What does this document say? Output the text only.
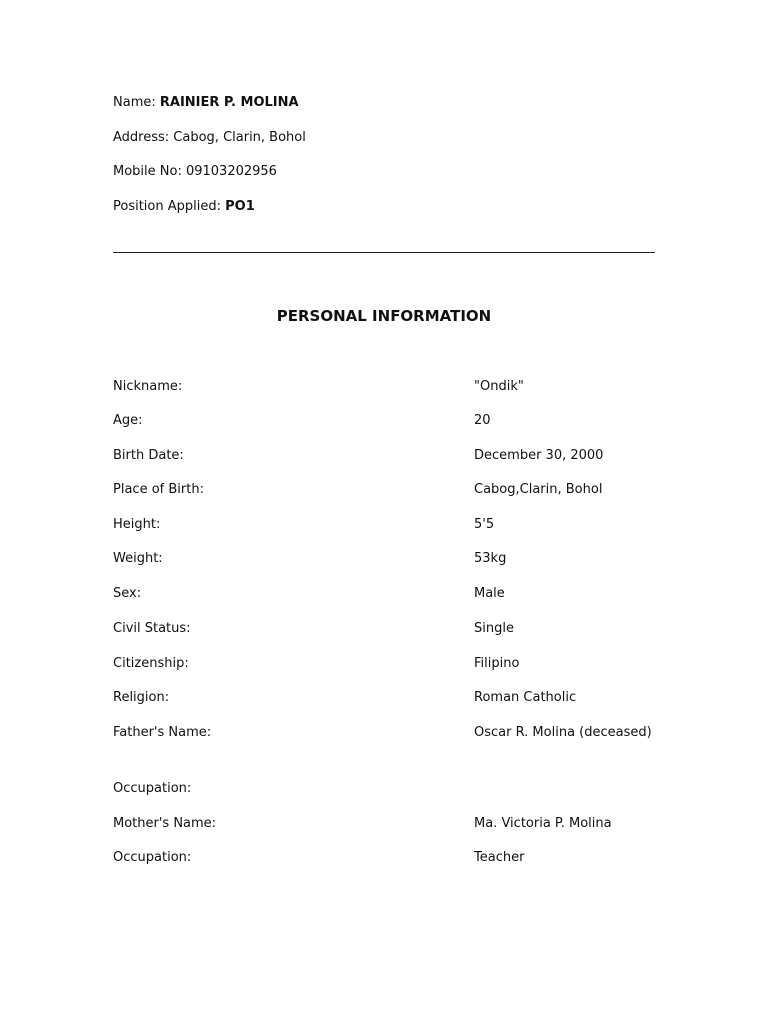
Name: RAINIER P. MOLINA
Address: Cabog, Clarin, Bohol
Mobile No: 09103202956
Position Applied: PO1
PERSONAL INFORMATION
Nickname:	"Ondik"
Age:	20
Birth Date:	December 30, 2000
Place of Birth:	Cabog,Clarin, Bohol
Height:	5'5
Weight:	53kg
Sex:	Male
Civil Status:	Single
Citizenship:	Filipino
Religion:	Roman Catholic
Father's Name:	Oscar R. Molina (deceased)
Occupation:
Mother's Name:	Ma. Victoria P. Molina
Occupation:	Teacher
